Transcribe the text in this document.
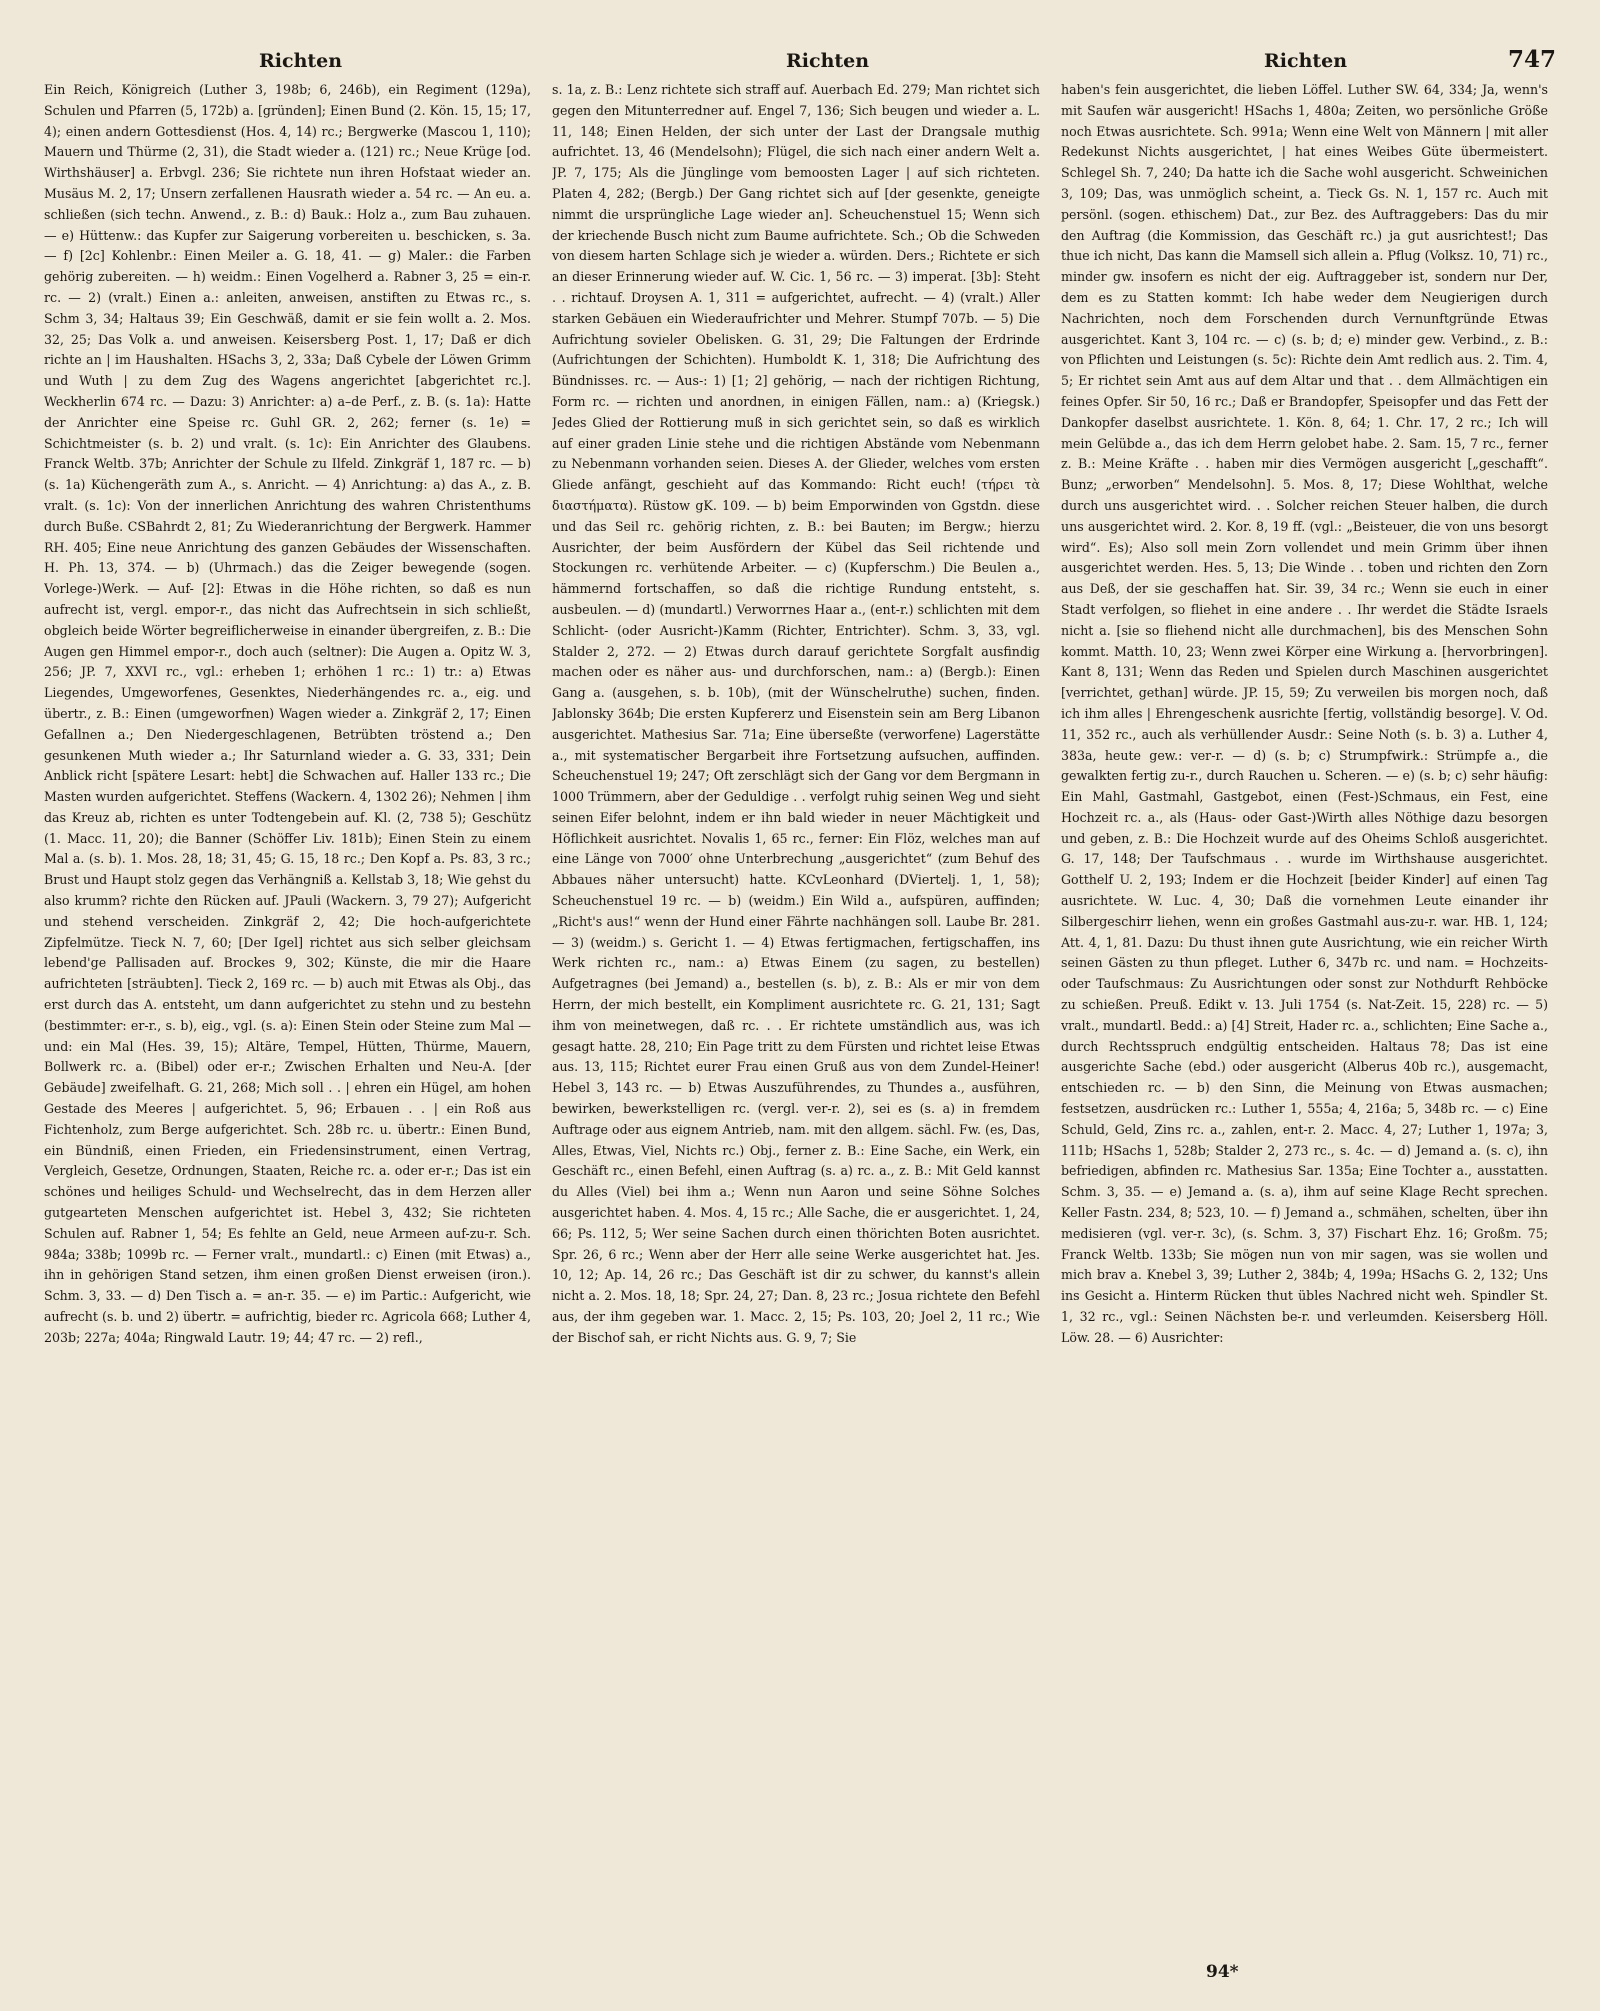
Richten	Richten	Richten	747

Ein Reich, Königreich (Luther 3, 198b; 6, 246b), ein Regiment (129a), Schulen und Pfarren (5, 172b) a. [gründen]; Einen Bund (2. Kön. 15, 15; 17, 4); einen andern Gottesdienst (Hos. 4, 14) rc.; Bergwerke (Mascou 1, 110); Mauern und Thürme (2, 31), die Stadt wieder a. (121) rc.; Neue Krüge [od. Wirthshäuser] a. Erbvgl. 236; Sie richtete nun ihren Hofstaat wieder an. Musäus M. 2, 17; Unsern zerfallenen Hausrath wieder a. 54 rc. — An eu. a. schließen (sich techn. Anwend., z. B.: d) Bauk.: Holz a., zum Bau zuhauen. — e) Hüttenw.: das Kupfer zur Saigerung vorbereiten u. beschicken, s. 3a. — f) [2c] Kohlenbr.: Einen Meiler a. G. 18, 41. — g) Maler.: die Farben gehörig zubereiten. — h) weidm.: Einen Vogelherd a. Rabner 3, 25 = ein-r. rc. — 2) (vralt.) Einen a.: anleiten, anweisen, anstiften zu Etwas rc., s. Schm 3, 34; Haltaus 39; Ein Geschwäß, damit er sie fein wollt a. 2. Mos. 32, 25; Das Volk a. und anweisen. Keisersberg Post. 1, 17; Daß er dich richte an | im Haushalten. HSachs 3, 2, 33a; Daß Cybele der Löwen Grimm und Wuth | zu dem Zug des Wagens angerichtet [abgerichtet rc.]. Weckherlin 674 rc. — Dazu: 3) Anrichter: a) a–de Perf., z. B. (s. 1a): Hatte der Anrichter eine Speise rc. Guhl GR. 2, 262; ferner (s. 1e) = Schichtmeister (s. b. 2) und vralt. (s. 1c): Ein Anrichter des Glaubens. Franck Weltb. 37b; Anrichter der Schule zu Ilfeld. Zinkgräf 1, 187 rc. — b) (s. 1a) Küchengeräth zum A., s. Anricht. — 4) Anrichtung: a) das A., z. B. vralt. (s. 1c): Von der innerlichen Anrichtung des wahren Christenthums durch Buße. CSBahrdt 2, 81; Zu Wiederanrichtung der Bergwerk. Hammer RH. 405; Eine neue Anrichtung des ganzen Gebäudes der Wissenschaften. H. Ph. 13, 374. — b) (Uhrmach.) das die Zeiger bewegende (sogen. Vorlege-)Werk. — Auf- [2]: Etwas in die Höhe richten, so daß es nun aufrecht ist, vergl. empor-r., das nicht das Aufrechtsein in sich schließt, obgleich beide Wörter begreiflicherweise in einander übergreifen, z. B.: Die Augen gen Himmel empor-r., doch auch (seltner): Die Augen a. Opitz W. 3, 256; JP. 7, XXVI rc., vgl.: erheben 1; erhöhen 1 rc.: 1) tr.: a) Etwas Liegendes, Umgeworfenes, Gesenktes, Niederhängendes rc. a., eig. und übertr., z. B.: Einen (umgeworfnen) Wagen wieder a. Zinkgräf 2, 17; Einen Gefallnen a.; Den Niedergeschlagenen, Betrübten tröstend a.; Den gesunkenen Muth wieder a.; Ihr Saturnland wieder a. G. 33, 331; Dein Anblick richt [spätere Lesart: hebt] die Schwachen auf. Haller 133 rc.; Die Masten wurden aufgerichtet. Steffens (Wackern. 4, 1302 26); Nehmen | ihm das Kreuz ab, richten es unter Todtengebein auf. Kl. (2, 738 5); Geschütz (1. Macc. 11, 20); die Banner (Schöffer Liv. 181b); Einen Stein zu einem Mal a. (s. b). 1. Mos. 28, 18; 31, 45; G. 15, 18 rc.; Den Kopf a. Ps. 83, 3 rc.; Brust und Haupt stolz gegen das Verhängniß a. Kellstab 3, 18; Wie gehst du also krumm? richte den Rücken auf. JPauli (Wackern. 3, 79 27); Aufgericht und stehend verscheiden. Zinkgräf 2, 42; Die hoch-aufgerichtete Zipfelmütze. Tieck N. 7, 60; [Der Igel] richtet aus sich selber gleichsam lebend'ge Pallisaden auf. Brockes 9, 302; Künste, die mir die Haare aufrichteten [sträubten]. Tieck 2, 169 rc. — b) auch mit Etwas als Obj., das erst durch das A. entsteht, um dann aufgerichtet zu stehn und zu bestehn (bestimmter: er-r., s. b), eig., vgl. (s. a): Einen Stein oder Steine zum Mal — und: ein Mal (Hes. 39, 15); Altäre, Tempel, Hütten, Thürme, Mauern, Bollwerk rc. a. (Bibel) oder er-r.; Zwischen Erhalten und Neu-A. [der Gebäude] zweifelhaft. G. 21, 268; Mich soll . . | ehren ein Hügel, am hohen Gestade des Meeres | aufgerichtet. 5, 96; Erbauen . . | ein Roß aus Fichtenholz, zum Berge aufgerichtet. Sch. 28b rc. u. übertr.: Einen Bund, ein Bündniß, einen Frieden, ein Friedensinstrument, einen Vertrag, Vergleich, Gesetze, Ordnungen, Staaten, Reiche rc. a. oder er-r.; Das ist ein schönes und heiliges Schuld- und Wechselrecht, das in dem Herzen aller gutgearteten Menschen aufgerichtet ist. Hebel 3, 432; Sie richteten Schulen auf. Rabner 1, 54; Es fehlte an Geld, neue Armeen auf-zu-r. Sch. 984a; 338b; 1099b rc. — Ferner vralt., mundartl.: c) Einen (mit Etwas) a., ihn in gehörigen Stand setzen, ihm einen großen Dienst erweisen (iron.). Schm. 3, 33. — d) Den Tisch a. = an-r. 35. — e) im Partic.: Aufgericht, wie aufrecht (s. b. und 2) übertr. = aufrichtig, bieder rc. Agricola 668; Luther 4, 203b; 227a; 404a; Ringwald Lautr. 19; 44; 47 rc. — 2) refl.,

s. 1a, z. B.: Lenz richtete sich straff auf. Auerbach Ed. 279; Man richtet sich gegen den Mitunterredner auf. Engel 7, 136; Sich beugen und wieder a. L. 11, 148; Einen Helden, der sich unter der Last der Drangsale muthig aufrichtet. 13, 46 (Mendelsohn); Flügel, die sich nach einer andern Welt a. JP. 7, 175; Als die Jünglinge vom bemoosten Lager | auf sich richteten. Platen 4, 282; (Bergb.) Der Gang richtet sich auf [der gesenkte, geneigte nimmt die ursprüngliche Lage wieder an]. Scheuchenstuel 15; Wenn sich der kriechende Busch nicht zum Baume aufrichtete. Sch.; Ob die Schweden von diesem harten Schlage sich je wieder a. würden. Ders.; Richtete er sich an dieser Erinnerung wieder auf. W. Cic. 1, 56 rc. — 3) imperat. [3b]: Steht . . richtauf. Droysen A. 1, 311 = aufgerichtet, aufrecht. — 4) (vralt.) Aller starken Gebäuen ein Wiederaufrichter und Mehrer. Stumpf 707b. — 5) Die Aufrichtung sovieler Obelisken. G. 31, 29; Die Faltungen der Erdrinde (Aufrichtungen der Schichten). Humboldt K. 1, 318; Die Aufrichtung des Bündnisses. rc. — Aus-: 1) [1; 2] gehörig, — nach der richtigen Richtung, Form rc. — richten und anordnen, in einigen Fällen, nam.: a) (Kriegsk.) Jedes Glied der Rottierung muß in sich gerichtet sein, so daß es wirklich auf einer graden Linie stehe und die richtigen Abstände vom Nebenmann zu Nebenmann vorhanden seien. Dieses A. der Glieder, welches vom ersten Gliede anfängt, geschieht auf das Kommando: Richt euch! (τήρει τὰ διαστήματα). Rüstow gK. 109. — b) beim Emporwinden von Ggstdn. diese und das Seil rc. gehörig richten, z. B.: bei Bauten; im Bergw.; hierzu Ausrichter, der beim Ausfördern der Kübel das Seil richtende und Stockungen rc. verhütende Arbeiter. — c) (Kupferschm.) Die Beulen a., hämmernd fortschaffen, so daß die richtige Rundung entsteht, s. ausbeulen. — d) (mundartl.) Verworrnes Haar a., (ent-r.) schlichten mit dem Schlicht- (oder Ausricht-)Kamm (Richter, Entrichter). Schm. 3, 33, vgl. Stalder 2, 272. — 2) Etwas durch darauf gerichtete Sorgfalt ausfindig machen oder es näher aus- und durchforschen, nam.: a) (Bergb.): Einen Gang a. (ausgehen, s. b. 10b), (mit der Wünschelruthe) suchen, finden. Jablonsky 364b; Die ersten Kupfererz und Eisenstein sein am Berg Libanon ausgerichtet. Mathesius Sar. 71a; Eine überseßte (verworfene) Lagerstätte a., mit systematischer Bergarbeit ihre Fortsetzung aufsuchen, auffinden. Scheuchenstuel 19; 247; Oft zerschlägt sich der Gang vor dem Bergmann in 1000 Trümmern, aber der Geduldige . . verfolgt ruhig seinen Weg und sieht seinen Eifer belohnt, indem er ihn bald wieder in neuer Mächtigkeit und Höflichkeit ausrichtet. Novalis 1, 65 rc., ferner: Ein Flöz, welches man auf eine Länge von 7000′ ohne Unterbrechung „ausgerichtet“ (zum Behuf des Abbaues näher untersucht) hatte. KCvLeonhard (DViertelj. 1, 1, 58); Scheuchenstuel 19 rc. — b) (weidm.) Ein Wild a., aufspüren, auffinden; „Richt's aus!“ wenn der Hund einer Fährte nachhängen soll. Laube Br. 281. — 3) (weidm.) s. Gericht 1. — 4) Etwas fertigmachen, fertigschaffen, ins Werk richten rc., nam.: a) Etwas Einem (zu sagen, zu bestellen) Aufgetragnes (bei Jemand) a., bestellen (s. b), z. B.: Als er mir von dem Herrn, der mich bestellt, ein Kompliment ausrichtete rc. G. 21, 131; Sagt ihm von meinetwegen, daß rc. . . Er richtete umständlich aus, was ich gesagt hatte. 28, 210; Ein Page tritt zu dem Fürsten und richtet leise Etwas aus. 13, 115; Richtet eurer Frau einen Gruß aus von dem Zundel-Heiner! Hebel 3, 143 rc. — b) Etwas Auszuführendes, zu Thundes a., ausführen, bewirken, bewerkstelligen rc. (vergl. ver-r. 2), sei es (s. a) in fremdem Auftrage oder aus eignem Antrieb, nam. mit den allgem. sächl. Fw. (es, Das, Alles, Etwas, Viel, Nichts rc.) Obj., ferner z. B.: Eine Sache, ein Werk, ein Geschäft rc., einen Befehl, einen Auftrag (s. a) rc. a., z. B.: Mit Geld kannst du Alles (Viel) bei ihm a.; Wenn nun Aaron und seine Söhne Solches ausgerichtet haben. 4. Mos. 4, 15 rc.; Alle Sache, die er ausgerichtet. 1, 24, 66; Ps. 112, 5; Wer seine Sachen durch einen thörichten Boten ausrichtet. Spr. 26, 6 rc.; Wenn aber der Herr alle seine Werke ausgerichtet hat. Jes. 10, 12; Ap. 14, 26 rc.; Das Geschäft ist dir zu schwer, du kannst's allein nicht a. 2. Mos. 18, 18; Spr. 24, 27; Dan. 8, 23 rc.; Josua richtete den Befehl aus, der ihm gegeben war. 1. Macc. 2, 15; Ps. 103, 20; Joel 2, 11 rc.; Wie der Bischof sah, er richt Nichts aus. G. 9, 7; Sie

haben's fein ausgerichtet, die lieben Löffel. Luther SW. 64, 334; Ja, wenn's mit Saufen wär ausgericht! HSachs 1, 480a; Zeiten, wo persönliche Größe noch Etwas ausrichtete. Sch. 991a; Wenn eine Welt von Männern | mit aller Redekunst Nichts ausgerichtet, | hat eines Weibes Güte übermeistert. Schlegel Sh. 7, 240; Da hatte ich die Sache wohl ausgericht. Schweinichen 3, 109; Das, was unmöglich scheint, a. Tieck Gs. N. 1, 157 rc. Auch mit persönl. (sogen. ethischem) Dat., zur Bez. des Auftraggebers: Das du mir den Auftrag (die Kommission, das Geschäft rc.) ja gut ausrichtest!; Das thue ich nicht, Das kann die Mamsell sich allein a. Pflug (Volksz. 10, 71) rc., minder gw. insofern es nicht der eig. Auftraggeber ist, sondern nur Der, dem es zu Statten kommt: Ich habe weder dem Neugierigen durch Nachrichten, noch dem Forschenden durch Vernunftgründe Etwas ausgerichtet. Kant 3, 104 rc. — c) (s. b; d; e) minder gew. Verbind., z. B.: von Pflichten und Leistungen (s. 5c): Richte dein Amt redlich aus. 2. Tim. 4, 5; Er richtet sein Amt aus auf dem Altar und that . . dem Allmächtigen ein feines Opfer. Sir 50, 16 rc.; Daß er Brandopfer, Speisopfer und das Fett der Dankopfer daselbst ausrichtete. 1. Kön. 8, 64; 1. Chr. 17, 2 rc.; Ich will mein Gelübde a., das ich dem Herrn gelobet habe. 2. Sam. 15, 7 rc., ferner z. B.: Meine Kräfte . . haben mir dies Vermögen ausgericht [„geschafft“. Bunz; „erworben“ Mendelsohn]. 5. Mos. 8, 17; Diese Wohlthat, welche durch uns ausgerichtet wird. . . Solcher reichen Steuer halben, die durch uns ausgerichtet wird. 2. Kor. 8, 19 ff. (vgl.: „Beisteuer, die von uns besorgt wird“. Es); Also soll mein Zorn vollendet und mein Grimm über ihnen ausgerichtet werden. Hes. 5, 13; Die Winde . . toben und richten den Zorn aus Deß, der sie geschaffen hat. Sir. 39, 34 rc.; Wenn sie euch in einer Stadt verfolgen, so fliehet in eine andere . . Ihr werdet die Städte Israels nicht a. [sie so fliehend nicht alle durchmachen], bis des Menschen Sohn kommt. Matth. 10, 23; Wenn zwei Körper eine Wirkung a. [hervorbringen]. Kant 8, 131; Wenn das Reden und Spielen durch Maschinen ausgerichtet [verrichtet, gethan] würde. JP. 15, 59; Zu verweilen bis morgen noch, daß ich ihm alles | Ehrengeschenk ausrichte [fertig, vollständig besorge]. V. Od. 11, 352 rc., auch als verhüllender Ausdr.: Seine Noth (s. b. 3) a. Luther 4, 383a, heute gew.: ver-r. — d) (s. b; c) Strumpfwirk.: Strümpfe a., die gewalkten fertig zu-r., durch Rauchen u. Scheren. — e) (s. b; c) sehr häufig: Ein Mahl, Gastmahl, Gastgebot, einen (Fest-)Schmaus, ein Fest, eine Hochzeit rc. a., als (Haus- oder Gast-)Wirth alles Nöthige dazu besorgen und geben, z. B.: Die Hochzeit wurde auf des Oheims Schloß ausgerichtet. G. 17, 148; Der Taufschmaus . . wurde im Wirthshause ausgerichtet. Gotthelf U. 2, 193; Indem er die Hochzeit [beider Kinder] auf einen Tag ausrichtete. W. Luc. 4, 30; Daß die vornehmen Leute einander ihr Silbergeschirr liehen, wenn ein großes Gastmahl aus-zu-r. war. HB. 1, 124; Att. 4, 1, 81. Dazu: Du thust ihnen gute Ausrichtung, wie ein reicher Wirth seinen Gästen zu thun pfleget. Luther 6, 347b rc. und nam. = Hochzeits- oder Taufschmaus: Zu Ausrichtungen oder sonst zur Nothdurft Rehböcke zu schießen. Preuß. Edikt v. 13. Juli 1754 (s. Nat-Zeit. 15, 228) rc. — 5) vralt., mundartl. Bedd.: a) [4] Streit, Hader rc. a., schlichten; Eine Sache a., durch Rechtsspruch endgültig entscheiden. Haltaus 78; Das ist eine ausgerichte Sache (ebd.) oder ausgericht (Alberus 40b rc.), ausgemacht, entschieden rc. — b) den Sinn, die Meinung von Etwas ausmachen; festsetzen, ausdrücken rc.: Luther 1, 555a; 4, 216a; 5, 348b rc. — c) Eine Schuld, Geld, Zins rc. a., zahlen, ent-r. 2. Macc. 4, 27; Luther 1, 197a; 3, 111b; HSachs 1, 528b; Stalder 2, 273 rc., s. 4c. — d) Jemand a. (s. c), ihn befriedigen, abfinden rc. Mathesius Sar. 135a; Eine Tochter a., ausstatten. Schm. 3, 35. — e) Jemand a. (s. a), ihm auf seine Klage Recht sprechen. Keller Fastn. 234, 8; 523, 10. — f) Jemand a., schmähen, schelten, über ihn medisieren (vgl. ver-r. 3c), (s. Schm. 3, 37) Fischart Ehz. 16; Großm. 75; Franck Weltb. 133b; Sie mögen nun von mir sagen, was sie wollen und mich brav a. Knebel 3, 39; Luther 2, 384b; 4, 199a; HSachs G. 2, 132; Uns ins Gesicht a. Hinterm Rücken thut übles Nachred nicht weh. Spindler St. 1, 32 rc., vgl.: Seinen Nächsten be-r. und verleumden. Keisersberg Höll. Löw. 28. — 6) Ausrichter:

94*
